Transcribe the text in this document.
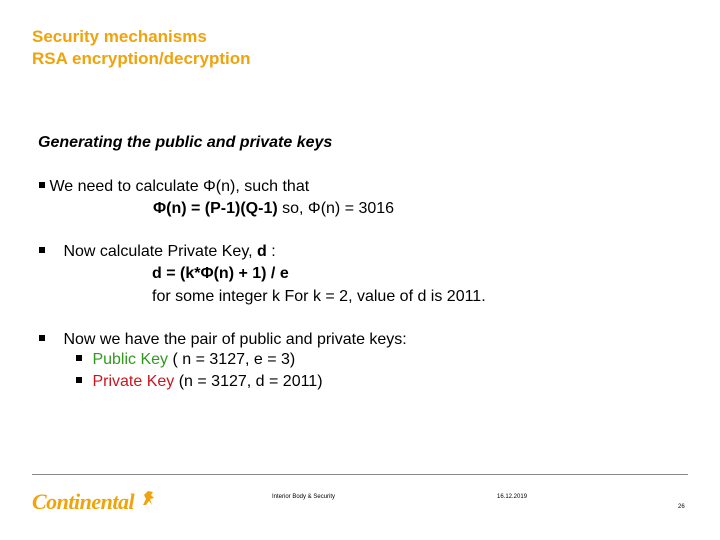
Security mechanisms
RSA encryption/decryption
Generating the public and private keys
We need to calculate Φ(n), such that
Φ(n) = (P-1)(Q-1) so, Φ(n) = 3016
Now calculate Private Key, d :
d = (k*Φ(n) + 1) / e
for some integer k For k = 2, value of d is 2011.
Now we have the pair of public and private keys:
Public Key ( n = 3127, e = 3)
Private Key (n = 3127, d = 2011)
Continental	Interior Body & Security	16.12.2019
26
